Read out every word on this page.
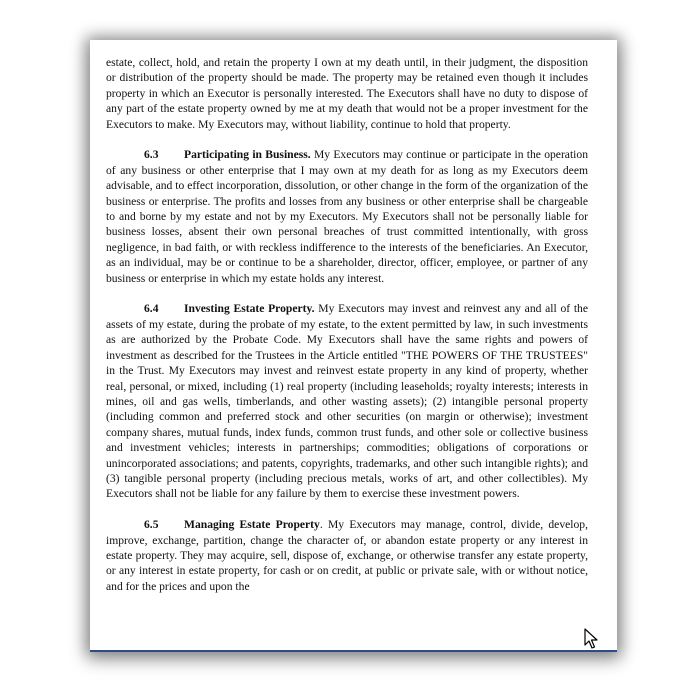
estate, collect, hold, and retain the property I own at my death until, in their judgment, the disposition or distribution of the property should be made. The property may be retained even though it includes property in which an Executor is personally interested. The Executors shall have no duty to dispose of any part of the estate property owned by me at my death that would not be a proper investment for the Executors to make. My Executors may, without liability, continue to hold that property.

6.3 Participating in Business. My Executors may continue or participate in the operation of any business or other enterprise that I may own at my death for as long as my Executors deem advisable, and to effect incorporation, dissolution, or other change in the form of the organization of the business or enterprise. The profits and losses from any business or other enterprise shall be chargeable to and borne by my estate and not by my Executors. My Executors shall not be personally liable for business losses, absent their own personal breaches of trust committed intentionally, with gross negligence, in bad faith, or with reckless indifference to the interests of the beneficiaries. An Executor, as an individual, may be or continue to be a shareholder, director, officer, employee, or partner of any business or enterprise in which my estate holds any interest.

6.4 Investing Estate Property. My Executors may invest and reinvest any and all of the assets of my estate, during the probate of my estate, to the extent permitted by law, in such investments as are authorized by the Probate Code. My Executors shall have the same rights and powers of investment as described for the Trustees in the Article entitled "THE POWERS OF THE TRUSTEES" in the Trust. My Executors may invest and reinvest estate property in any kind of property, whether real, personal, or mixed, including (1) real property (including leaseholds; royalty interests; interests in mines, oil and gas wells, timberlands, and other wasting assets); (2) intangible personal property (including common and preferred stock and other securities (on margin or otherwise); investment company shares, mutual funds, index funds, common trust funds, and other sole or collective business and investment vehicles; interests in partnerships; commodities; obligations of corporations or unincorporated associations; and patents, copyrights, trademarks, and other such intangible rights); and (3) tangible personal property (including precious metals, works of art, and other collectibles). My Executors shall not be liable for any failure by them to exercise these investment powers.

6.5 Managing Estate Property. My Executors may manage, control, divide, develop, improve, exchange, partition, change the character of, or abandon estate property or any interest in estate property. They may acquire, sell, dispose of, exchange, or otherwise transfer any estate property, or any interest in estate property, for cash or on credit, at public or private sale, with or without notice, and for the prices and upon the
